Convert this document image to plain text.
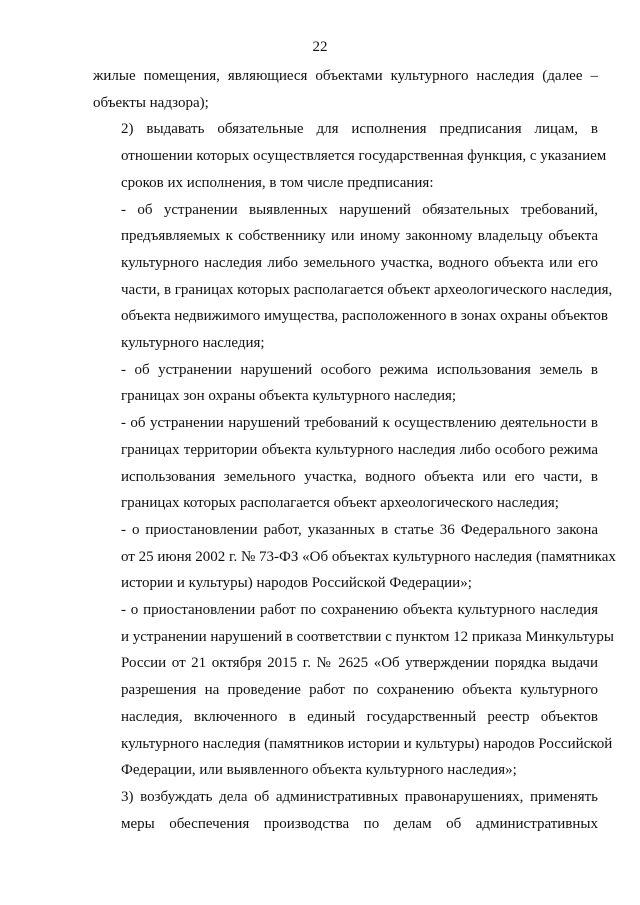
22

жилые помещения, являющиеся объектами культурного наследия (далее –
объекты надзора);

2) выдавать обязательные для исполнения предписания лицам, в
отношении которых осуществляется государственная функция, с указанием
сроков их исполнения, в том числе предписания:

- об устранении выявленных нарушений обязательных требований,
предъявляемых к собственнику или иному законному владельцу объекта
культурного наследия либо земельного участка, водного объекта или его
части, в границах которых располагается объект археологического наследия,
объекта недвижимого имущества, расположенного в зонах охраны объектов
культурного наследия;

- об устранении нарушений особого режима использования земель в
границах зон охраны объекта культурного наследия;

- об устранении нарушений требований к осуществлению деятельности в
границах территории объекта культурного наследия либо особого режима
использования земельного участка, водного объекта или его части, в
границах которых располагается объект археологического наследия;

- о приостановлении работ, указанных в статье 36 Федерального закона
от 25 июня 2002 г. № 73-ФЗ «Об объектах культурного наследия (памятниках
истории и культуры) народов Российской Федерации»;

- о приостановлении работ по сохранению объекта культурного наследия
и устранении нарушений в соответствии с пунктом 12 приказа Минкультуры
России от 21 октября 2015 г. № 2625 «Об утверждении порядка выдачи
разрешения на проведение работ по сохранению объекта культурного
наследия, включенного в единый государственный реестр объектов
культурного наследия (памятников истории и культуры) народов Российской
Федерации, или выявленного объекта культурного наследия»;

3) возбуждать дела об административных правонарушениях, применять
меры обеспечения производства по делам об административных
